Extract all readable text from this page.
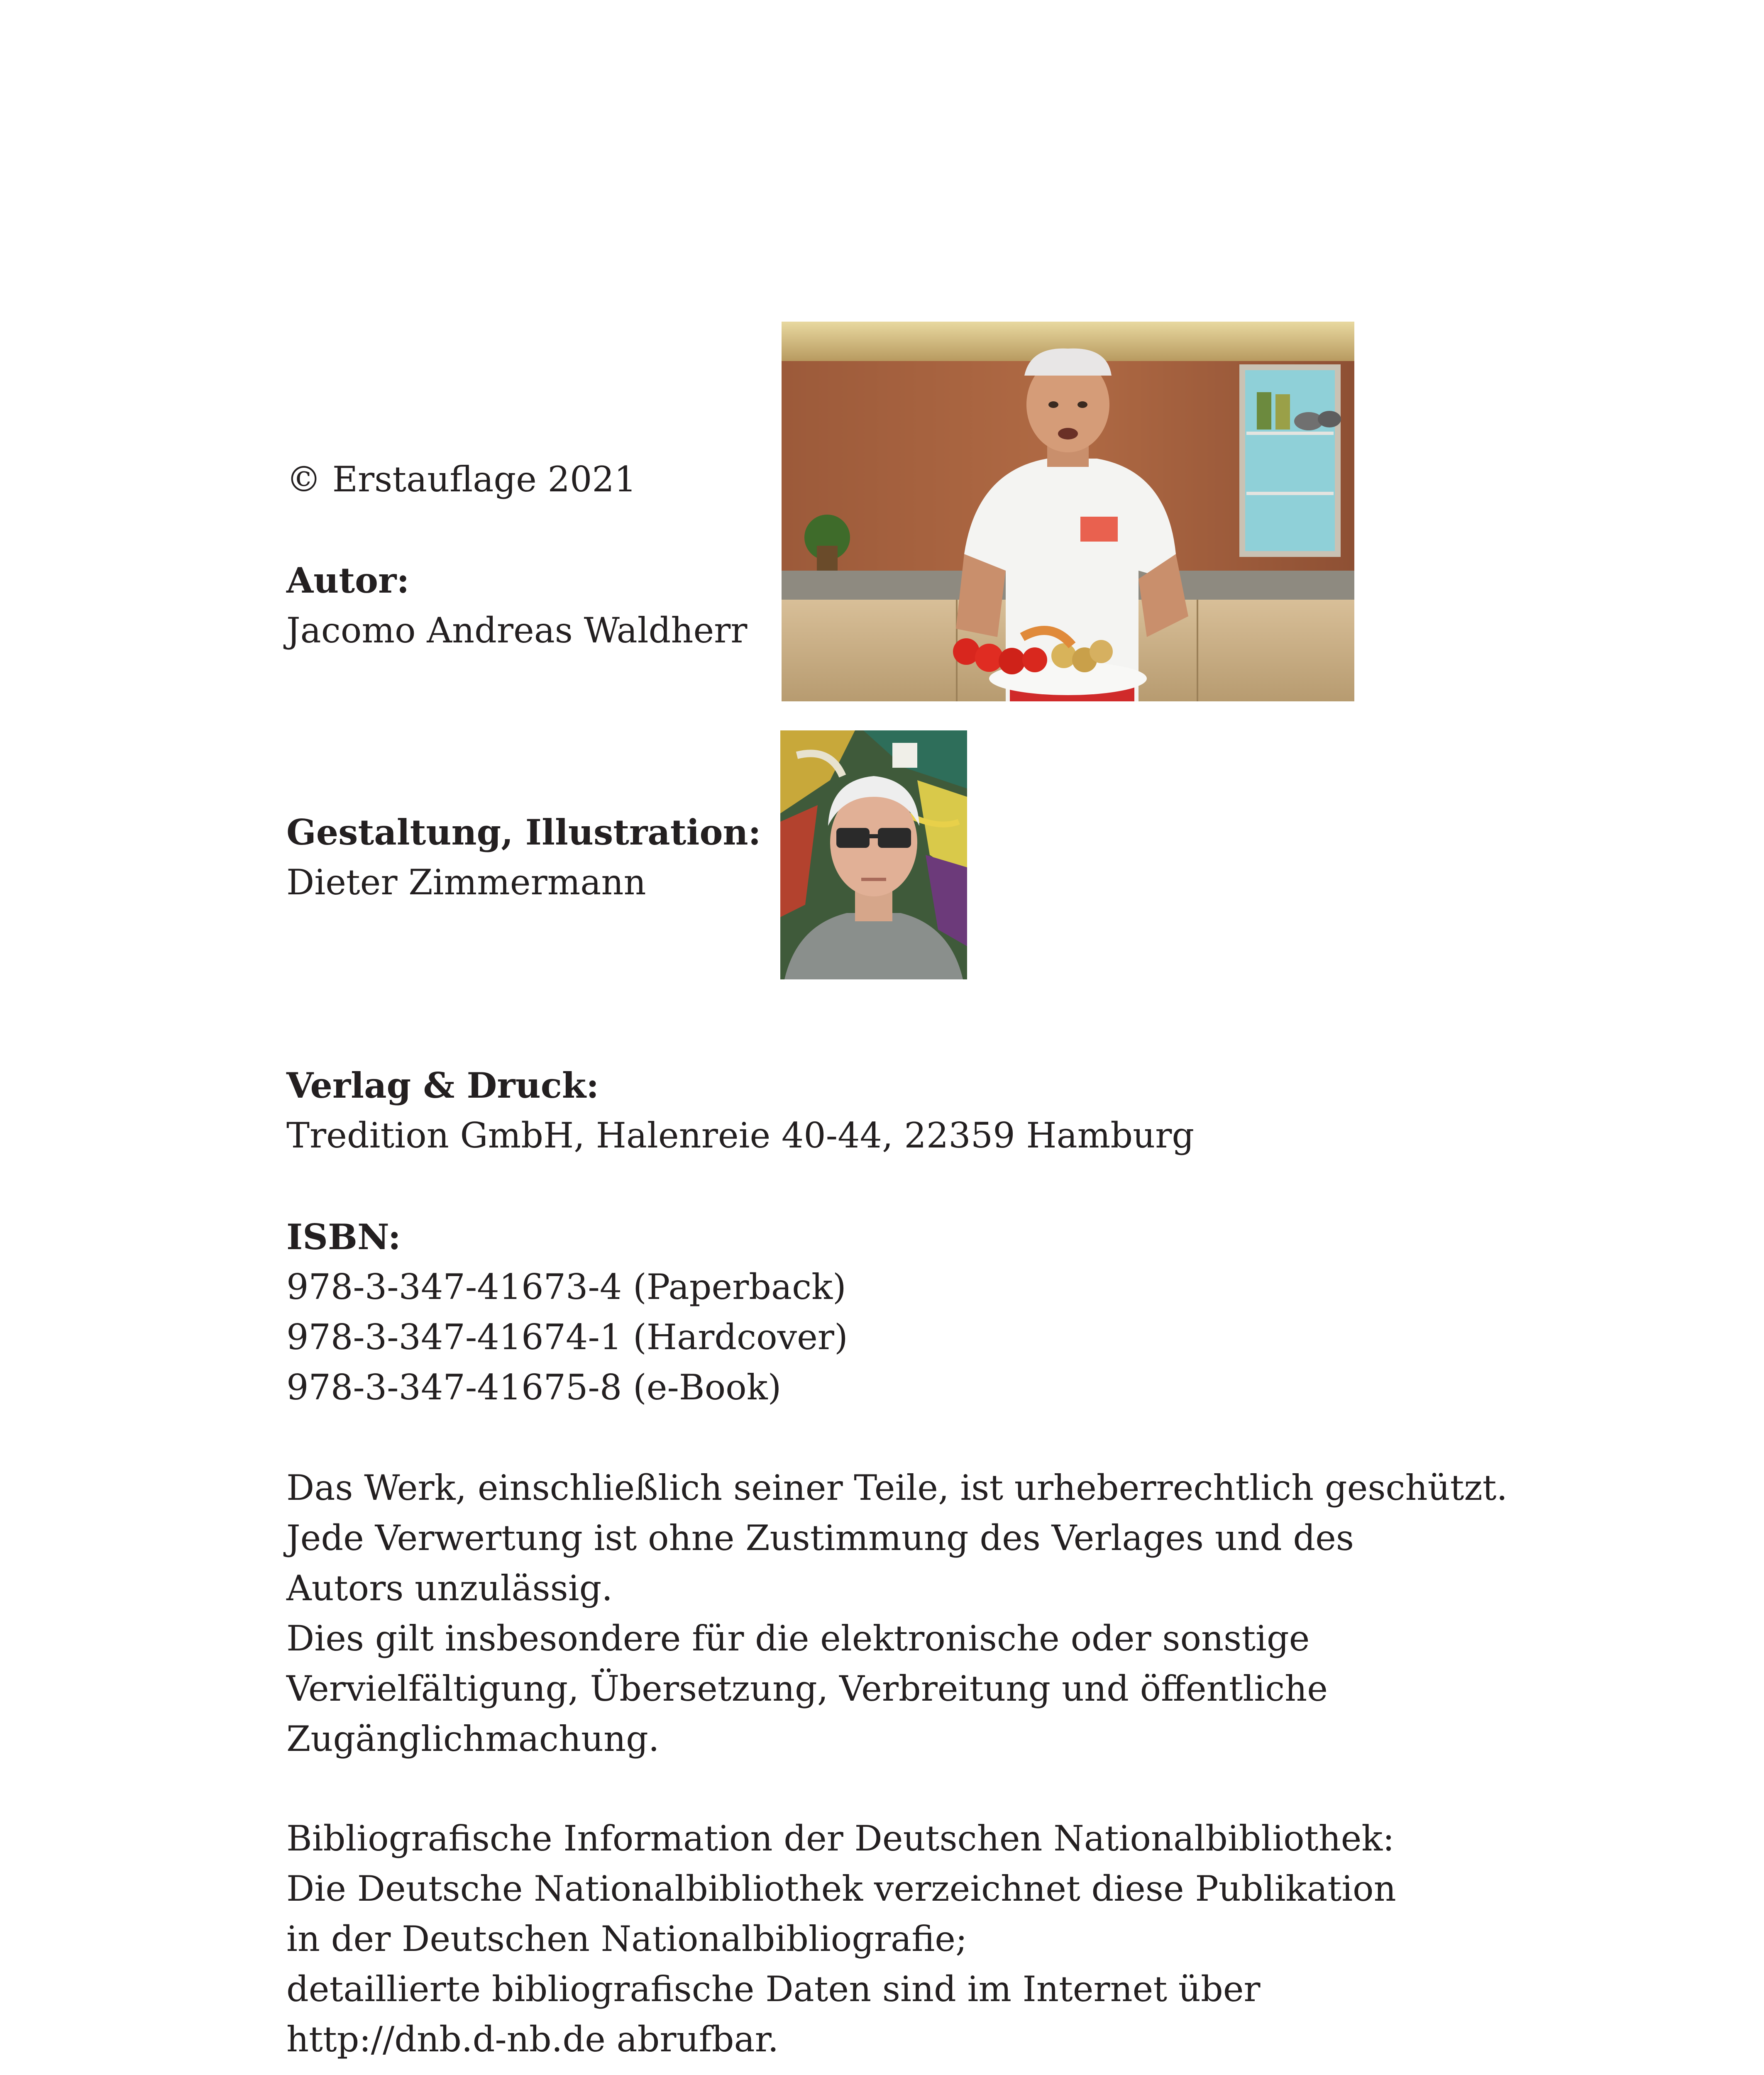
© Erstauflage 2021
Autor:
Jacomo Andreas Waldherr
Gestaltung, Illustration:
Dieter Zimmermann
Verlag & Druck:
Tredition GmbH, Halenreie 40-44, 22359 Hamburg
ISBN:
978-3-347-41673-4 (Paperback)
978-3-347-41674-1 (Hardcover)
978-3-347-41675-8 (e-Book)
Das Werk, einschließlich seiner Teile, ist urheberrechtlich geschützt.
Jede Verwertung ist ohne Zustimmung des Verlages und des
Autors unzulässig.
Dies gilt insbesondere für die elektronische oder sonstige
Vervielfältigung, Übersetzung, Verbreitung und öffentliche
Zugänglichmachung.
Bibliografische Information der Deutschen Nationalbibliothek:
Die Deutsche Nationalbibliothek verzeichnet diese Publikation
in der Deutschen Nationalbibliografie;
detaillierte bibliografische Daten sind im Internet über
http://dnb.d-nb.de abrufbar.
